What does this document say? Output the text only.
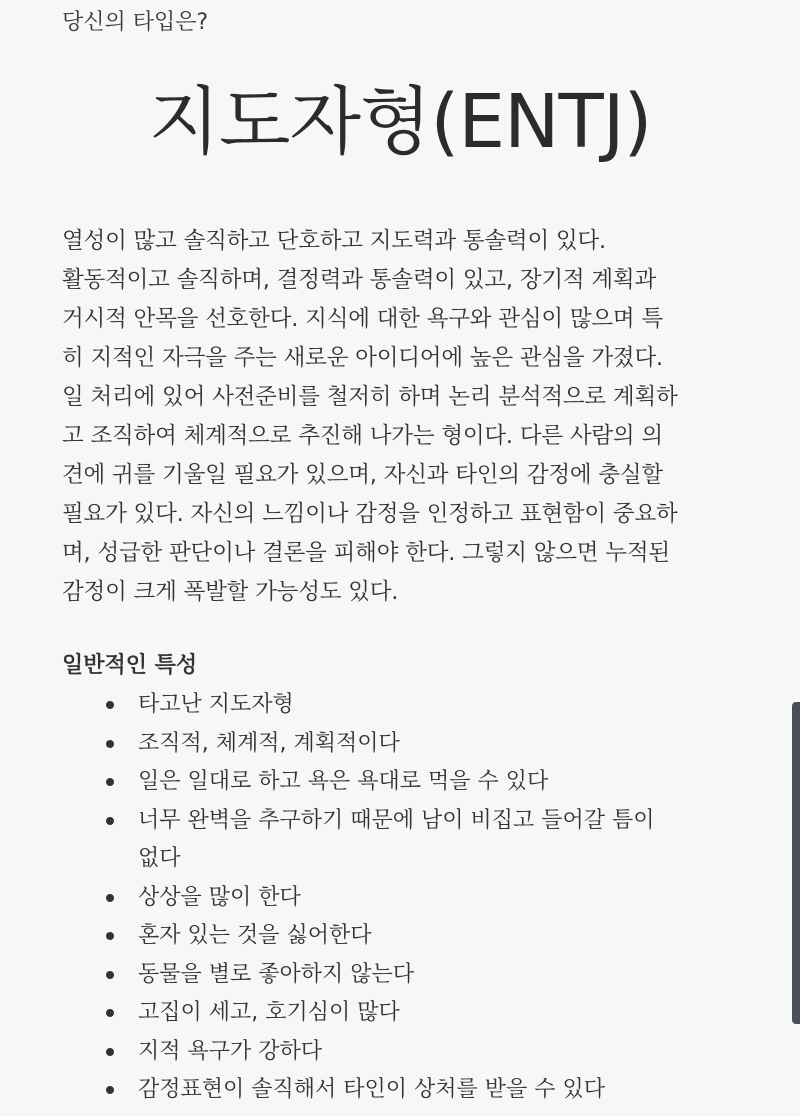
당신의 타입은?
지도자형(ENTJ)
열성이 많고 솔직하고 단호하고 지도력과 통솔력이 있다.
활동적이고 솔직하며, 결정력과 통솔력이 있고, 장기적 계획과
거시적 안목을 선호한다. 지식에 대한 욕구와 관심이 많으며 특
히 지적인 자극을 주는 새로운 아이디어에 높은 관심을 가졌다.
일 처리에 있어 사전준비를 철저히 하며 논리 분석적으로 계획하
고 조직하여 체계적으로 추진해 나가는 형이다. 다른 사람의 의
견에 귀를 기울일 필요가 있으며, 자신과 타인의 감정에 충실할
필요가 있다. 자신의 느낌이나 감정을 인정하고 표현함이 중요하
며, 성급한 판단이나 결론을 피해야 한다. 그렇지 않으면 누적된
감정이 크게 폭발할 가능성도 있다.
일반적인 특성
타고난 지도자형
조직적, 체계적, 계획적이다
일은 일대로 하고 욕은 욕대로 먹을 수 있다
너무 완벽을 추구하기 때문에 남이 비집고 들어갈 틈이
없다
상상을 많이 한다
혼자 있는 것을 싫어한다
동물을 별로 좋아하지 않는다
고집이 세고, 호기심이 많다
지적 욕구가 강하다
감정표현이 솔직해서 타인이 상처를 받을 수 있다
